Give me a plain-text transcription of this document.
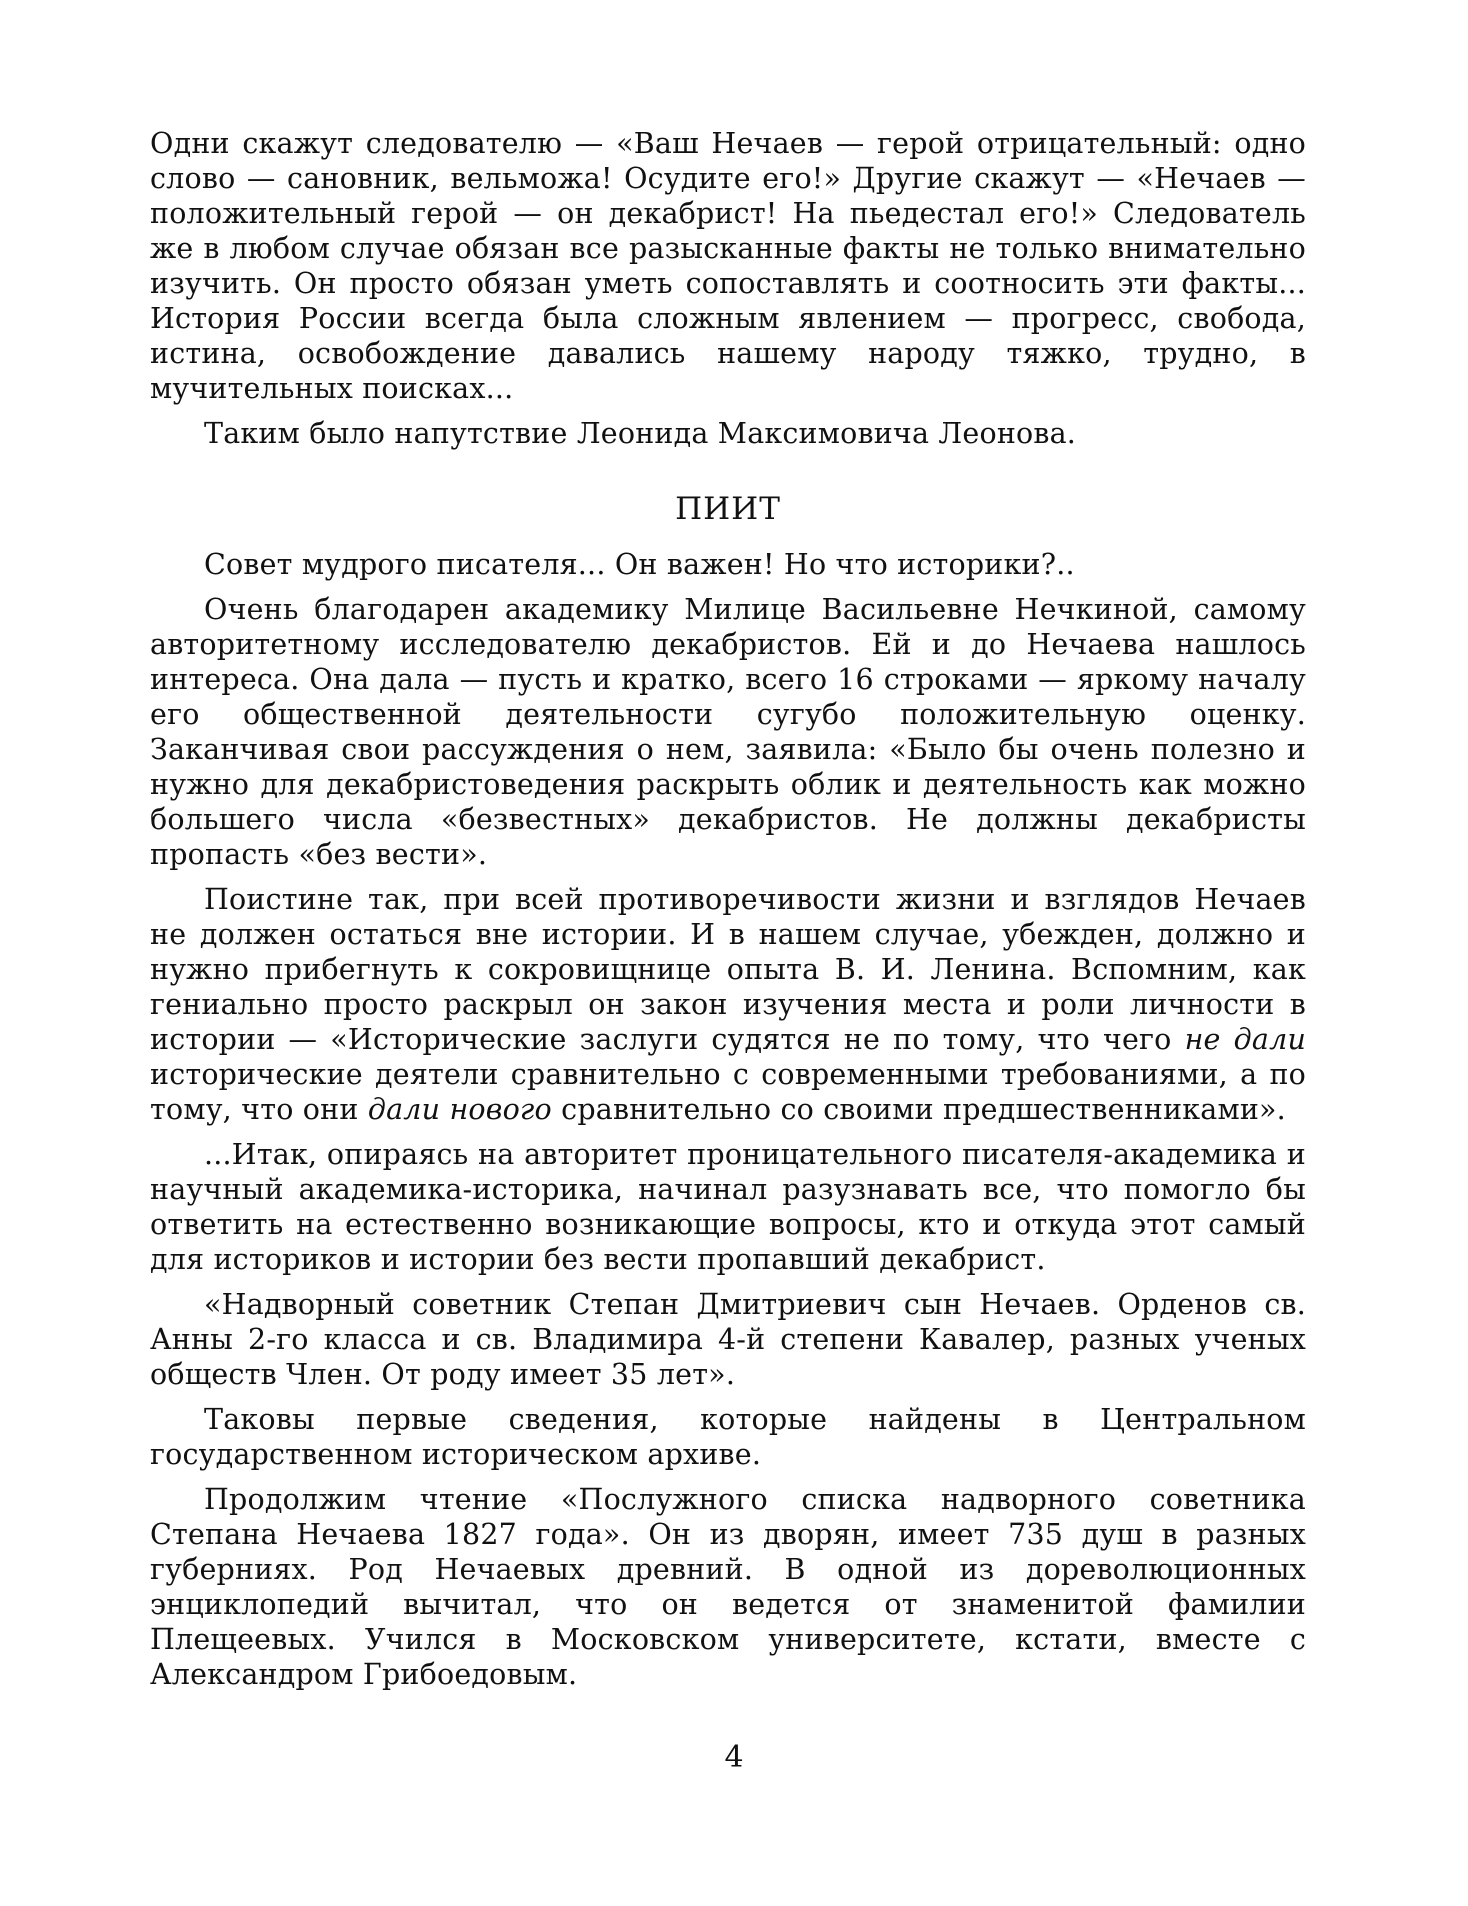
Одни скажут следователю — «Ваш Нечаев — герой отрицательный: одно слово — сановник, вельможа! Осудите его!» Другие скажут — «Нечаев — положительный герой — он декабрист! На пьедестал его!» Следователь же в любом случае обязан все разысканные факты не только внимательно изучить. Он просто обязан уметь сопоставлять и соотносить эти факты... История России всегда была сложным явлением — прогресс, свобода, истина, освобождение давались нашему народу тяжко, трудно, в мучительных поисках...

Таким было напутствие Леонида Максимовича Леонова.

ПИИТ

Совет мудрого писателя... Он важен! Но что историки?..

Очень благодарен академику Милице Васильевне Нечкиной, самому авторитетному исследователю декабристов. Ей и до Нечаева нашлось интереса. Она дала — пусть и кратко, всего 16 строками — яркому началу его общественной деятельности сугубо положительную оценку. Заканчивая свои рассуждения о нем, заявила: «Было бы очень полезно и нужно для декабристоведения раскрыть облик и деятельность как можно большего числа «безвестных» декабристов. Не должны декабристы пропасть «без вести».

Поистине так, при всей противоречивости жизни и взглядов Нечаев не должен остаться вне истории. И в нашем случае, убежден, должно и нужно прибегнуть к сокровищнице опыта В. И. Ленина. Вспомним, как гениально просто раскрыл он закон изучения места и роли личности в истории — «Исторические заслуги судятся не по тому, что чего не дали исторические деятели сравнительно с современными требованиями, а по тому, что они дали нового сравнительно со своими предшественниками».

...Итак, опираясь на авторитет проницательного писателя-академика и научный академика-историка, начинал разузнавать все, что помогло бы ответить на естественно возникающие вопросы, кто и откуда этот самый для историков и истории без вести пропавший декабрист.

«Надворный советник Степан Дмитриевич сын Нечаев. Орденов св. Анны 2-го класса и св. Владимира 4-й степени Кавалер, разных ученых обществ Член. От роду имеет 35 лет».

Таковы первые сведения, которые найдены в Центральном государственном историческом архиве.

Продолжим чтение «Послужного списка надворного советника Степана Нечаева 1827 года». Он из дворян, имеет 735 душ в разных губерниях. Род Нечаевых древний. В одной из дореволюционных энциклопедий вычитал, что он ведется от знаменитой фамилии Плещеевых. Учился в Московском университете, кстати, вместе с Александром Грибоедовым.

4
